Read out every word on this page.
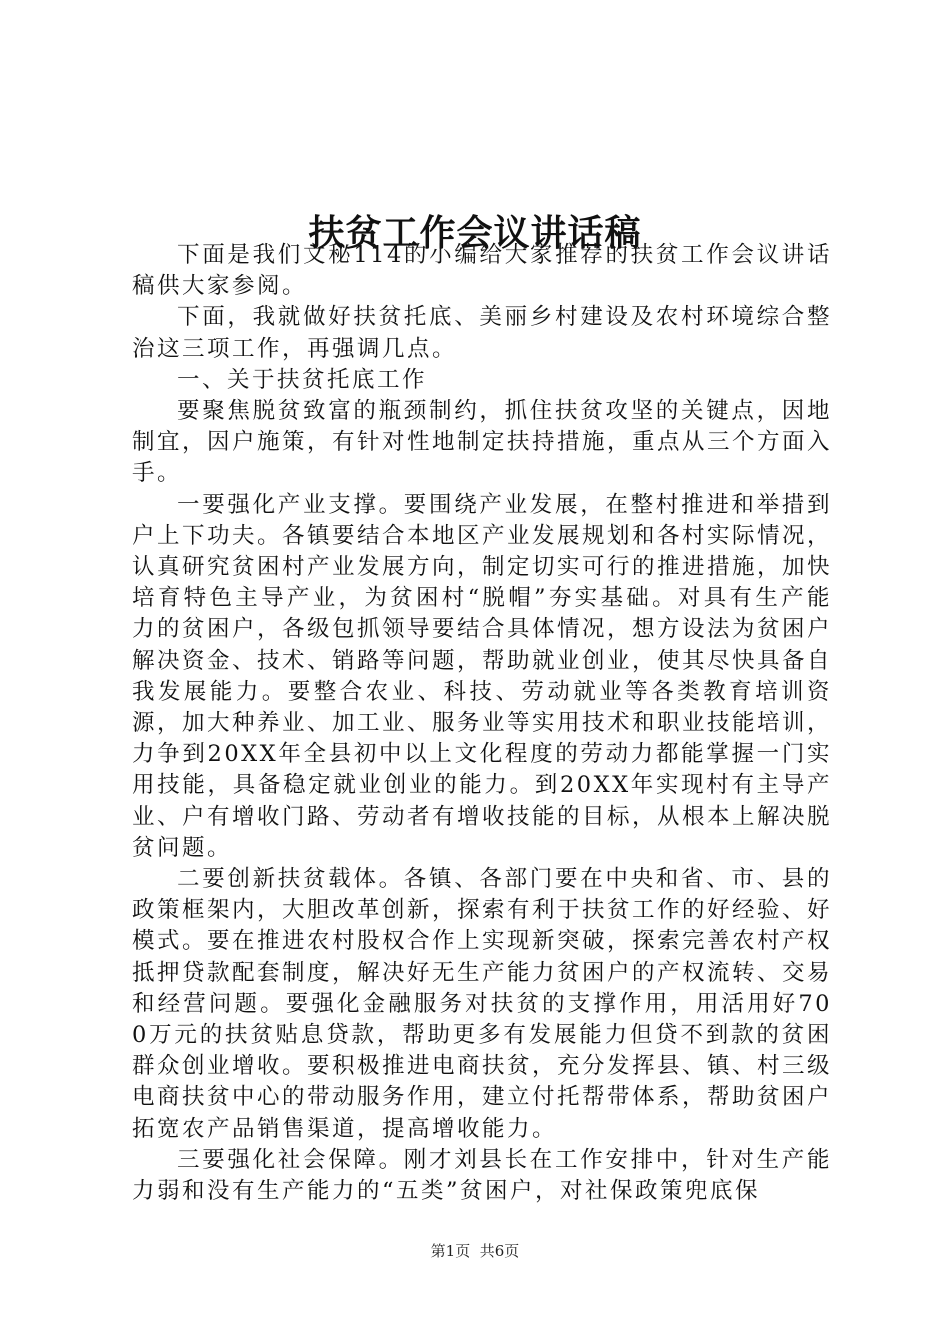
扶贫工作会议讲话稿

下面是我们文秘114的小编给大家推荐的扶贫工作会议讲话稿供大家参阅。

下面，我就做好扶贫托底、美丽乡村建设及农村环境综合整治这三项工作，再强调几点。

一、关于扶贫托底工作

要聚焦脱贫致富的瓶颈制约，抓住扶贫攻坚的关键点，因地制宜，因户施策，有针对性地制定扶持措施，重点从三个方面入手。

一要强化产业支撑。要围绕产业发展，在整村推进和举措到户上下功夫。各镇要结合本地区产业发展规划和各村实际情况，认真研究贫困村产业发展方向，制定切实可行的推进措施，加快培育特色主导产业，为贫困村“脱帽”夯实基础。对具有生产能力的贫困户，各级包抓领导要结合具体情况，想方设法为贫困户解决资金、技术、销路等问题，帮助就业创业，使其尽快具备自我发展能力。要整合农业、科技、劳动就业等各类教育培训资源，加大种养业、加工业、服务业等实用技术和职业技能培训，力争到20XX年全县初中以上文化程度的劳动力都能掌握一门实用技能，具备稳定就业创业的能力。到20XX年实现村有主导产业、户有增收门路、劳动者有增收技能的目标，从根本上解决脱贫问题。

二要创新扶贫载体。各镇、各部门要在中央和省、市、县的政策框架内，大胆改革创新，探索有利于扶贫工作的好经验、好模式。要在推进农村股权合作上实现新突破，探索完善农村产权抵押贷款配套制度，解决好无生产能力贫困户的产权流转、交易和经营问题。要强化金融服务对扶贫的支撑作用，用活用好700万元的扶贫贴息贷款，帮助更多有发展能力但贷不到款的贫困群众创业增收。要积极推进电商扶贫，充分发挥县、镇、村三级电商扶贫中心的带动服务作用，建立付托帮带体系，帮助贫困户拓宽农产品销售渠道，提高增收能力。

三要强化社会保障。刚才刘县长在工作安排中，针对生产能力弱和没有生产能力的“五类”贫困户，对社保政策兜底保

第1页 共6页
